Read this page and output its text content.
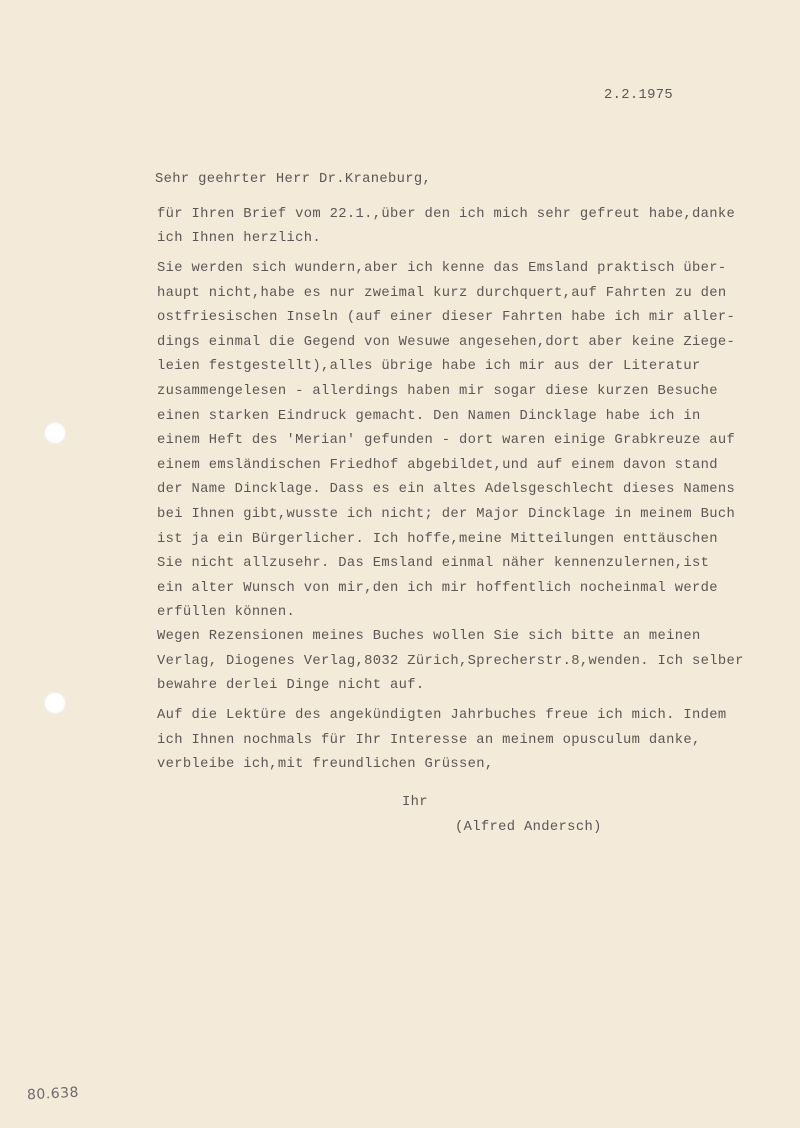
2.2.1975
Sehr geehrter Herr Dr.Kraneburg,

für Ihren Brief vom 22.1.,über den ich mich sehr gefreut habe,danke

ich Ihnen herzlich.

Sie werden sich wundern,aber ich kenne das Emsland praktisch über-

haupt nicht,habe es nur zweimal kurz durchquert,auf Fahrten zu den

ostfriesischen Inseln (auf einer dieser Fahrten habe ich mir aller-

dings einmal die Gegend von Wesuwe angesehen,dort aber keine Ziege-

leien festgestellt),alles übrige habe ich mir aus der Literatur

zusammengelesen - allerdings haben mir sogar diese kurzen Besuche

einen starken Eindruck gemacht. Den Namen Dincklage habe ich in

einem Heft des 'Merian' gefunden - dort waren einige Grabkreuze auf

einem emsländischen Friedhof abgebildet,und auf einem davon stand

der Name Dincklage. Dass es ein altes Adelsgeschlecht dieses Namens

bei Ihnen gibt,wusste ich nicht; der Major Dincklage in meinem Buch

ist ja ein Bürgerlicher. Ich hoffe,meine Mitteilungen enttäuschen

Sie nicht allzusehr. Das Emsland einmal näher kennenzulernen,ist

ein alter Wunsch von mir,den ich mir hoffentlich nocheinmal werde

erfüllen können.

Wegen Rezensionen meines Buches wollen Sie sich bitte an meinen

Verlag, Diogenes Verlag,8032 Zürich,Sprecherstr.8,wenden. Ich selber

bewahre derlei Dinge nicht auf.

Auf die Lektüre des angekündigten Jahrbuches freue ich mich. Indem

ich Ihnen nochmals für Ihr Interesse an meinem opusculum danke,

verbleibe ich,mit freundlichen Grüssen,

Ihr
(Alfred Andersch)
80.638
